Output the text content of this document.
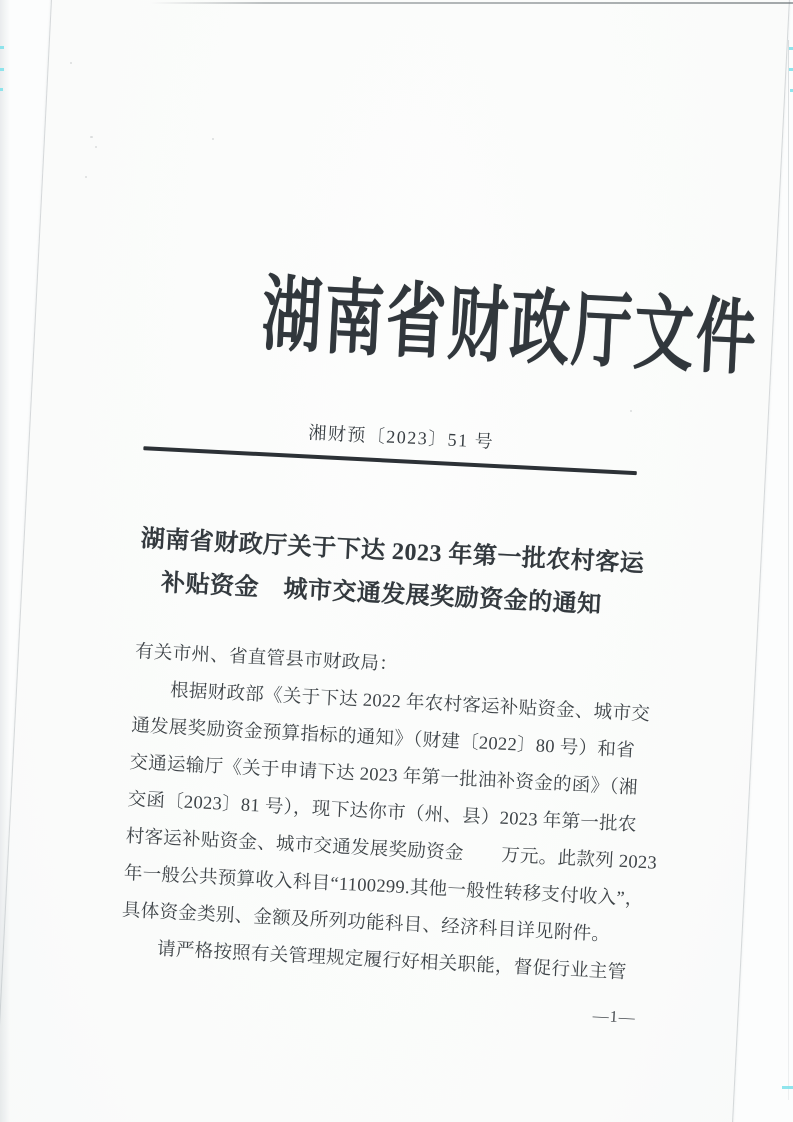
湖南省财政厅文件
湘财预〔2023〕51 号
湖南省财政厅关于下达 2023 年第一批农村客运
补贴资金　城市交通发展奖励资金的通知
有关市州、省直管县市财政局：
根据财政部《关于下达 2022 年农村客运补贴资金、城市交
通发展奖励资金预算指标的通知》（财建〔2022〕80 号）和省
交通运输厅《关于申请下达 2023 年第一批油补资金的函》（湘
交函〔2023〕81 号），现下达你市（州、县）2023 年第一批农
村客运补贴资金、城市交通发展奖励资金　　万元。此款列 2023
年一般公共预算收入科目“1100299.其他一般性转移支付收入”，
具体资金类别、金额及所列功能科目、经济科目详见附件。
请严格按照有关管理规定履行好相关职能，督促行业主管
—1—
